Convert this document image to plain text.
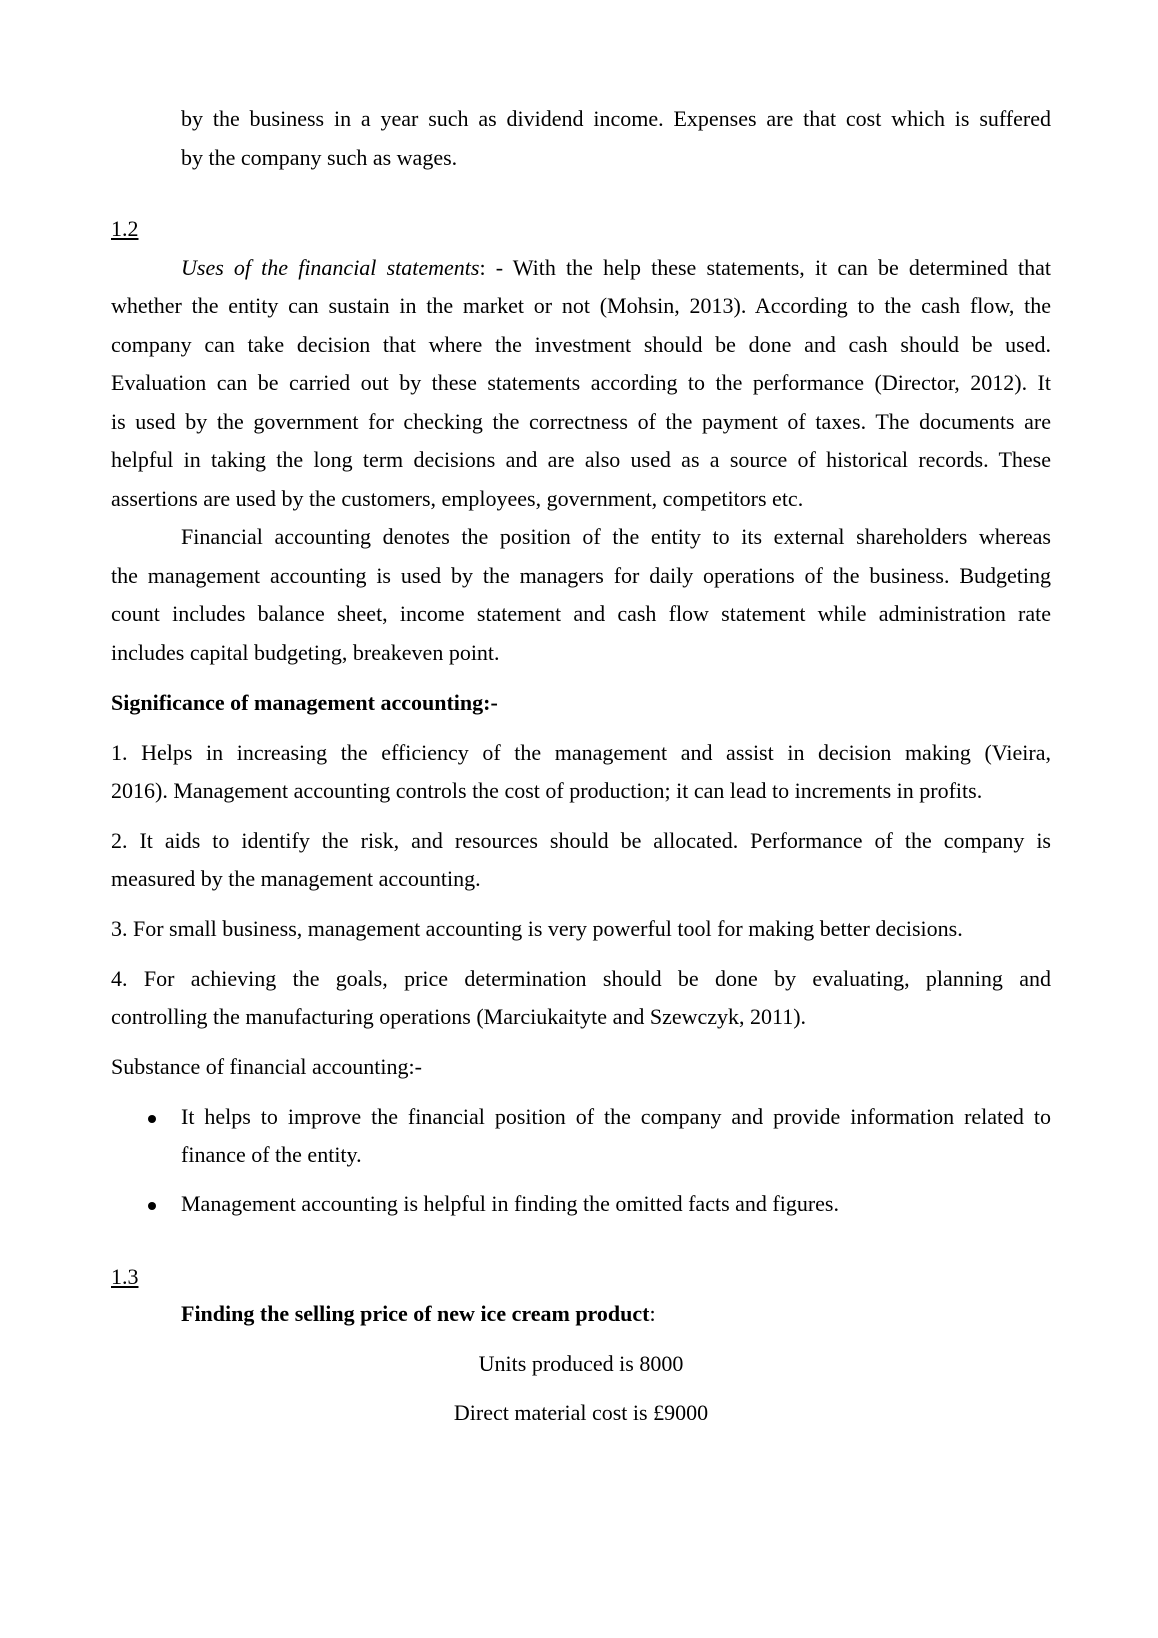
by the business in a year such as dividend income. Expenses are that cost which is suffered
by the company such as wages.
1.2
Uses of the financial statements: - With the help these statements, it can be determined that
whether the entity can sustain in the market or not (Mohsin, 2013). According to the cash flow, the
company can take decision that where the investment should be done and cash should be used.
Evaluation can be carried out by these statements according to the performance (Director, 2012). It
is used by the government for checking the correctness of the payment of taxes. The documents are
helpful in taking the long term decisions and are also used as a source of historical records. These
assertions are used by the customers, employees, government, competitors etc.
Financial accounting denotes the position of the entity to its external shareholders whereas
the management accounting is used by the managers for daily operations of the business. Budgeting
count includes balance sheet, income statement and cash flow statement while administration rate
includes capital budgeting, breakeven point.
Significance of management accounting:-
1. Helps in increasing the efficiency of the management and assist in decision making (Vieira,
2016). Management accounting controls the cost of production; it can lead to increments in profits.
2. It aids to identify the risk, and resources should be allocated. Performance of the company is
measured by the management accounting.
3. For small business, management accounting is very powerful tool for making better decisions.
4. For achieving the goals, price determination should be done by evaluating, planning and
controlling the manufacturing operations (Marciukaityte and Szewczyk, 2011).
Substance of financial accounting:-
It helps to improve the financial position of the company and provide information related to
finance of the entity.
Management accounting is helpful in finding the omitted facts and figures.
1.3
Finding the selling price of new ice cream product:
Units produced is 8000
Direct material cost is £9000
